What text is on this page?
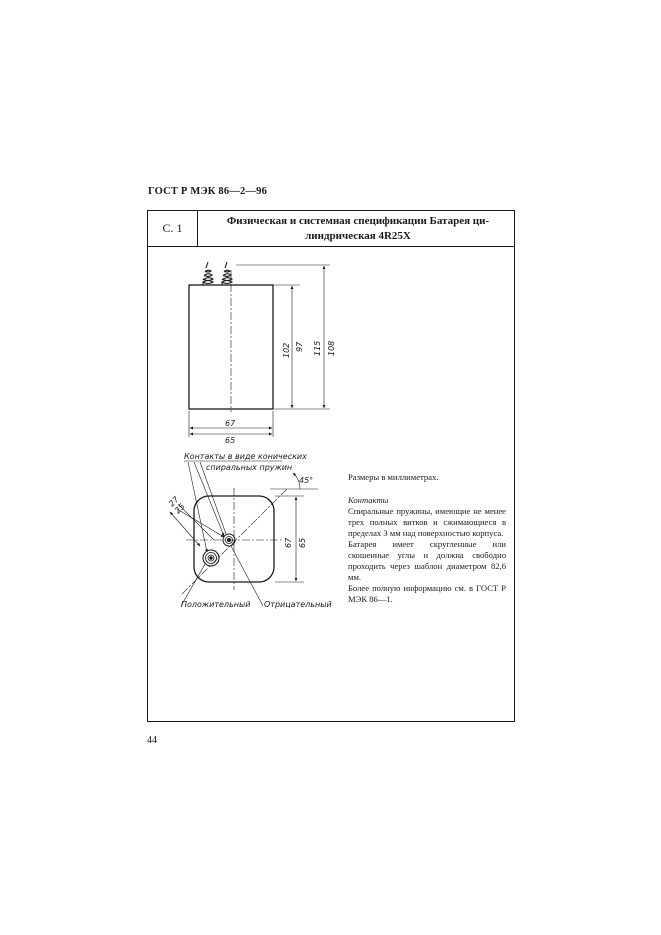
ГОСТ Р МЭК 86—2—96
С. 1	Физическая и системная спецификации Батарея ци-
линдрическая 4R25X
67
65
102 97 115 108
Контакты в виде конических
спиральных пружин
45°
27
25
67 65
Положительный Отрицательный

Размеры в миллиметрах.

Контакты

Спиральные пружины, имеющие не менее трех полных витков и сжимающиеся в пределах 3 мм над поверхностью корпуса.

Батарея имеет скругленные или скошенные углы и должна свободно проходить через шаблон диаметром 82,6 мм.

Более полную информацию см. в ГОСТ Р МЭК 86—1.

44
